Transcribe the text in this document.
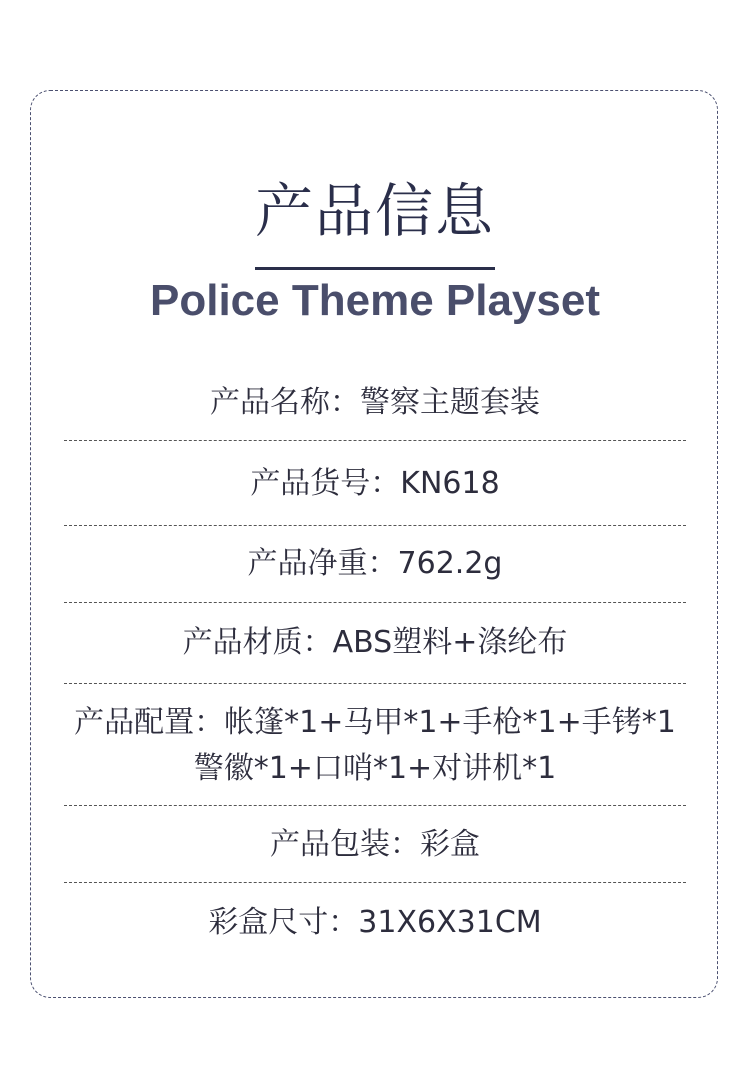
产品信息
Police Theme Playset
产品名称：警察主题套装
产品货号：KN618
产品净重：762.2g
产品材质：ABS塑料+涤纶布
产品配置：帐篷*1+马甲*1+手枪*1+手铐*1
警徽*1+口哨*1+对讲机*1
产品包装：彩盒
彩盒尺寸：31X6X31CM
